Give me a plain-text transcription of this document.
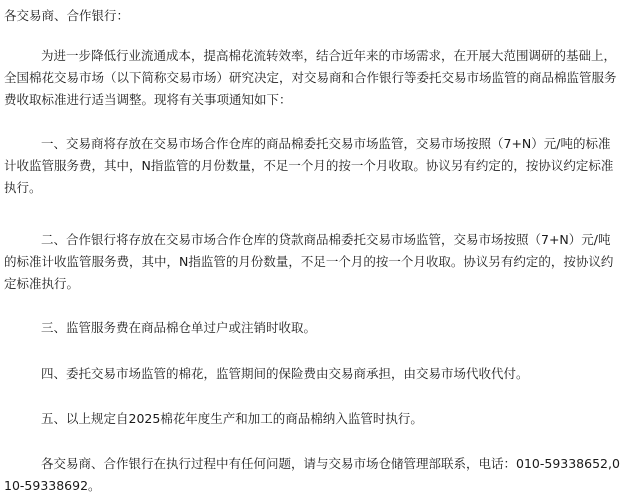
各交易商、合作银行：

为进一步降低行业流通成本，提高棉花流转效率，结合近年来的市场需求，在开展大范围调研的基础上，全国棉花交易市场（以下简称交易市场）研究决定，对交易商和合作银行等委托交易市场监管的商品棉监管服务费收取标准进行适当调整。现将有关事项通知如下：

一、交易商将存放在交易市场合作仓库的商品棉委托交易市场监管，交易市场按照（7+N）元/吨的标准计收监管服务费，其中，N指监管的月份数量，不足一个月的按一个月收取。协议另有约定的，按协议约定标准执行。

二、合作银行将存放在交易市场合作仓库的贷款商品棉委托交易市场监管，交易市场按照（7+N）元/吨的标准计收监管服务费，其中，N指监管的月份数量，不足一个月的按一个月收取。协议另有约定的，按协议约定标准执行。

三、监管服务费在商品棉仓单过户或注销时收取。

四、委托交易市场监管的棉花，监管期间的保险费由交易商承担，由交易市场代收代付。

五、以上规定自2025棉花年度生产和加工的商品棉纳入监管时执行。

各交易商、合作银行在执行过程中有任何问题，请与交易市场仓储管理部联系，电话：010-59338652,010-59338692。
